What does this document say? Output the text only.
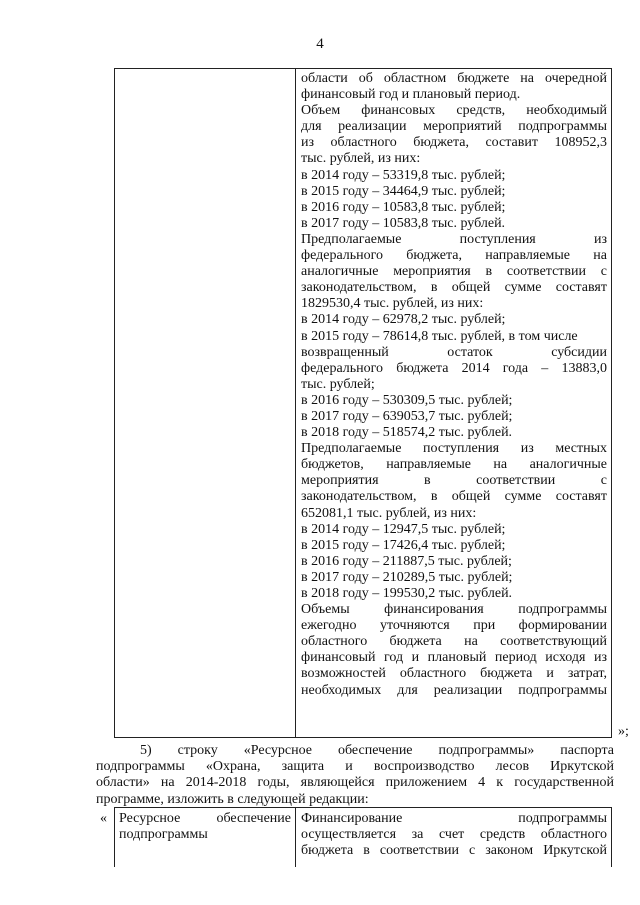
4
области об областном бюджете на очередной
финансовый год и плановый период.
Объем финансовых средств, необходимый
для реализации мероприятий подпрограммы
из областного бюджета, составит 108952,3
тыс. рублей, из них:
в 2014 году – 53319,8 тыс. рублей;
в 2015 году – 34464,9 тыс. рублей;
в 2016 году – 10583,8 тыс. рублей;
в 2017 году – 10583,8 тыс. рублей.
Предполагаемые поступления из
федерального бюджета, направляемые на
аналогичные мероприятия в соответствии с
законодательством, в общей сумме составят
1829530,4 тыс. рублей, из них:
в 2014 году – 62978,2 тыс. рублей;
в 2015 году – 78614,8 тыс. рублей, в том числе
возвращенный остаток субсидии
федерального бюджета 2014 года – 13883,0
тыс. рублей;
в 2016 году – 530309,5 тыс. рублей;
в 2017 году – 639053,7 тыс. рублей;
в 2018 году – 518574,2 тыс. рублей.
Предполагаемые поступления из местных
бюджетов, направляемые на аналогичные
мероприятия в соответствии с
законодательством, в общей сумме составят
652081,1 тыс. рублей, из них:
в 2014 году – 12947,5 тыс. рублей;
в 2015 году – 17426,4 тыс. рублей;
в 2016 году – 211887,5 тыс. рублей;
в 2017 году – 210289,5 тыс. рублей;
в 2018 году – 199530,2 тыс. рублей.
Объемы финансирования подпрограммы
ежегодно уточняются при формировании
областного бюджета на соответствующий
финансовый год и плановый период исходя из
возможностей областного бюджета и затрат,
необходимых для реализации подпрограммы
»;
5) строку «Ресурсное обеспечение подпрограммы» паспорта
подпрограммы «Охрана, защита и воспроизводство лесов Иркутской
области» на 2014-2018 годы, являющейся приложением 4 к государственной
программе, изложить в следующей редакции:
« Ресурсное обеспечение
подпрограммы
Финансирование подпрограммы
осуществляется за счет средств областного
бюджета в соответствии с законом Иркутской
